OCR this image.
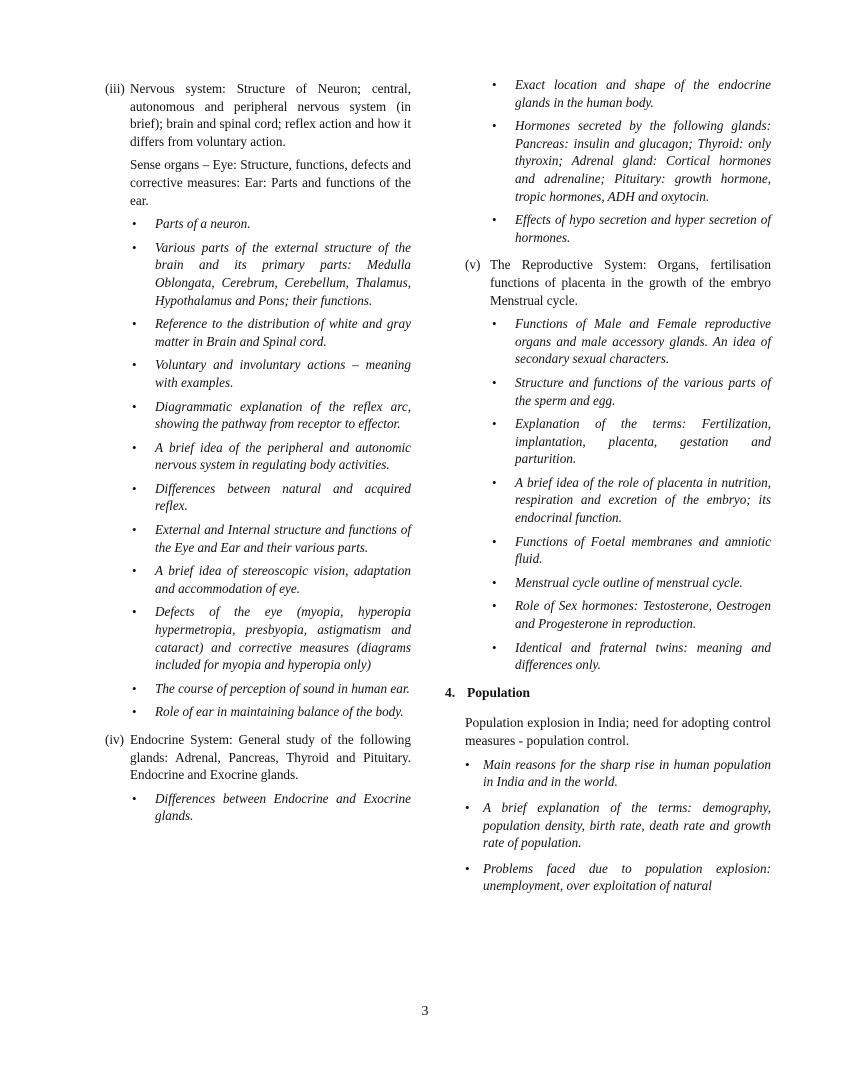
(iii) Nervous system: Structure of Neuron; central, autonomous and peripheral nervous system (in brief); brain and spinal cord; reflex action and how it differs from voluntary action.

Sense organs – Eye: Structure, functions, defects and corrective measures: Ear: Parts and functions of the ear.

• Parts of a neuron.
• Various parts of the external structure of the brain and its primary parts: Medulla Oblongata, Cerebrum, Cerebellum, Thalamus, Hypothalamus and Pons; their functions.
• Reference to the distribution of white and gray matter in Brain and Spinal cord.
• Voluntary and involuntary actions – meaning with examples.
• Diagrammatic explanation of the reflex arc, showing the pathway from receptor to effector.
• A brief idea of the peripheral and autonomic nervous system in regulating body activities.
• Differences between natural and acquired reflex.
• External and Internal structure and functions of the Eye and Ear and their various parts.
• A brief idea of stereoscopic vision, adaptation and accommodation of eye.
• Defects of the eye (myopia, hyperopia hypermetropia, presbyopia, astigmatism and cataract) and corrective measures (diagrams included for myopia and hyperopia only)
• The course of perception of sound in human ear.
• Role of ear in maintaining balance of the body.
(iv) Endocrine System: General study of the following glands: Adrenal, Pancreas, Thyroid and Pituitary. Endocrine and Exocrine glands.

• Differences between Endocrine and Exocrine glands.
• Exact location and shape of the endocrine glands in the human body.
• Hormones secreted by the following glands: Pancreas: insulin and glucagon; Thyroid: only thyroxin; Adrenal gland: Cortical hormones and adrenaline; Pituitary: growth hormone, tropic hormones, ADH and oxytocin.
• Effects of hypo secretion and hyper secretion of hormones.
(v) The Reproductive System: Organs, fertilisation functions of placenta in the growth of the embryo Menstrual cycle.

• Functions of Male and Female reproductive organs and male accessory glands. An idea of secondary sexual characters.
• Structure and functions of the various parts of the sperm and egg.
• Explanation of the terms: Fertilization, implantation, placenta, gestation and parturition.
• A brief idea of the role of placenta in nutrition, respiration and excretion of the embryo; its endocrinal function.
• Functions of Foetal membranes and amniotic fluid.
• Menstrual cycle outline of menstrual cycle.
• Role of Sex hormones: Testosterone, Oestrogen and Progesterone in reproduction.
• Identical and fraternal twins: meaning and differences only.
4. Population

Population explosion in India; need for adopting control measures - population control.

• Main reasons for the sharp rise in human population in India and in the world.
• A brief explanation of the terms: demography, population density, birth rate, death rate and growth rate of population.
• Problems faced due to population explosion: unemployment, over exploitation of natural
3
